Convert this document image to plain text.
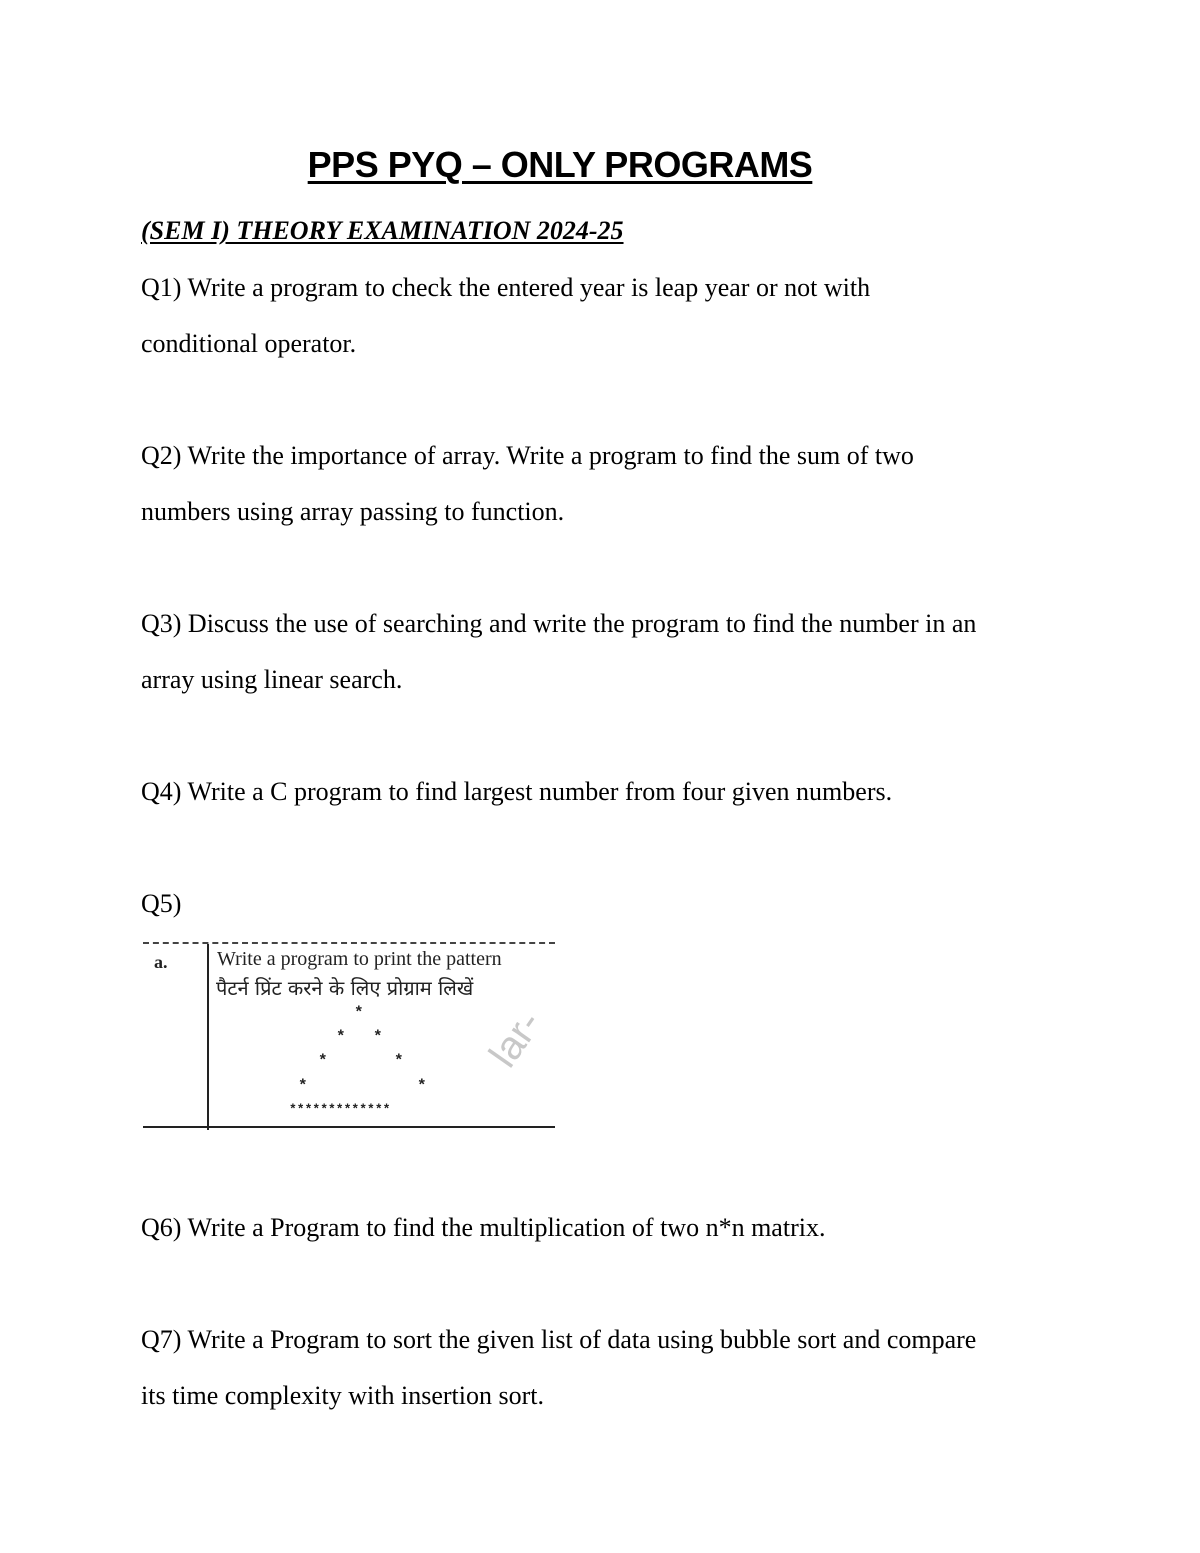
PPS PYQ – ONLY PROGRAMS
(SEM I) THEORY EXAMINATION 2024-25

Q1) Write a program to check the entered year is leap year or not with conditional operator.

Q2) Write the importance of array. Write a program to find the sum of two numbers using array passing to function.

Q3) Discuss the use of searching and write the program to find the number in an array using linear search.

Q4) Write a C program to find largest number from four given numbers.

Q5)

a. Write a program to print the pattern
पैटर्न प्रिंट करने के लिए प्रोग्राम लिखें
*
* *
*	*
*	*
*************
lar-

Q6) Write a Program to find the multiplication of two n*n matrix.

Q7) Write a Program to sort the given list of data using bubble sort and compare its time complexity with insertion sort.
